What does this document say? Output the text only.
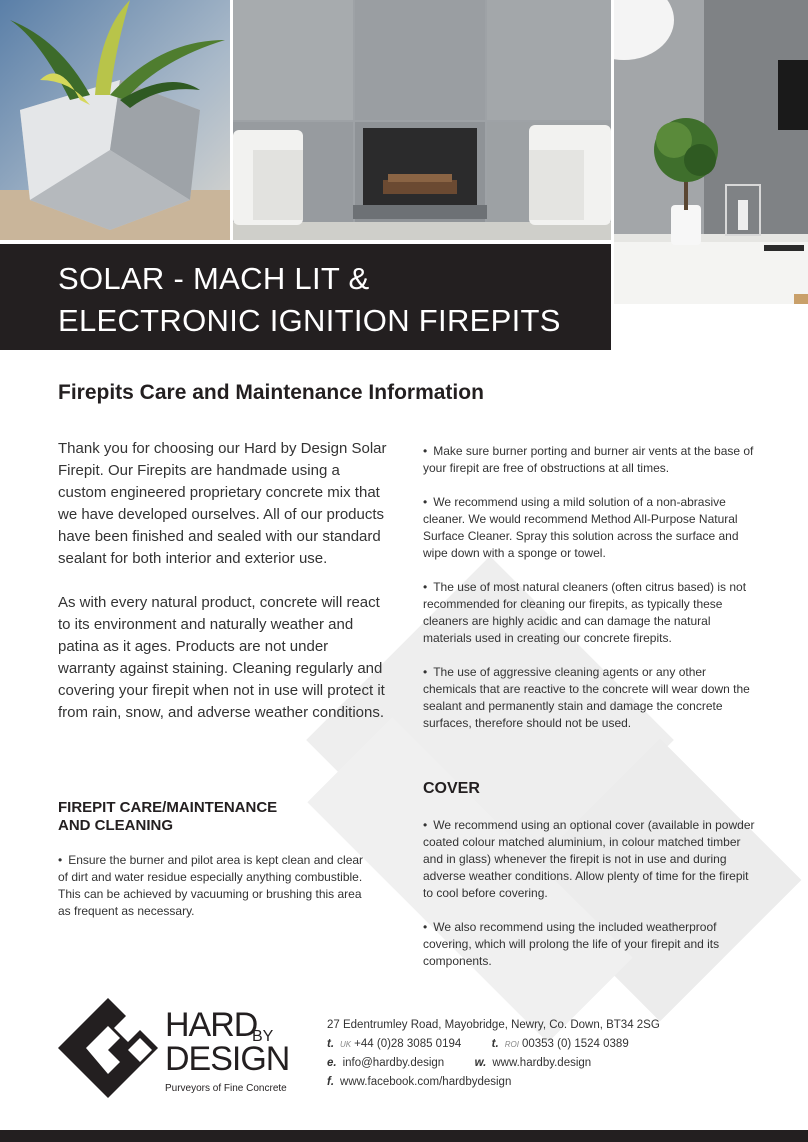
SOLAR - MACH LIT &
ELECTRONIC IGNITION FIREPITS
Firepits Care and Maintenance Information

Thank you for choosing our Hard by Design Solar Firepit. Our Firepits are handmade using a custom engineered proprietary concrete mix that we have developed ourselves. All of our products have been finished and sealed with our standard sealant for both interior and exterior use.

As with every natural product, concrete will react to its environment and naturally weather and patina as it ages. Products are not under warranty against staining. Cleaning regularly and covering your firepit when not in use will protect it from rain, snow, and adverse weather conditions.

FIREPIT CARE/MAINTENANCE
AND CLEANING
• Ensure the burner and pilot area is kept clean and clear of dirt and water residue especially anything combustible. This can be achieved by vacuuming or brushing this area as frequent as necessary.
• Make sure burner porting and burner air vents at the base of your firepit are free of obstructions at all times.
• We recommend using a mild solution of a non-abrasive cleaner. We would recommend Method All-Purpose Natural Surface Cleaner. Spray this solution across the surface and wipe down with a sponge or towel.
• The use of most natural cleaners (often citrus based) is not recommended for cleaning our firepits, as typically these cleaners are highly acidic and can damage the natural materials used in creating our concrete firepits.
• The use of aggressive cleaning agents or any other chemicals that are reactive to the concrete will wear down the sealant and permanently stain and damage the concrete surfaces, therefore should not be used.
COVER
• We recommend using an optional cover (available in powder coated colour matched aluminium, in colour matched timber and in glass) whenever the firepit is not in use and during adverse weather conditions. Allow plenty of time for the firepit to cool before covering.
• We also recommend using the included weatherproof covering, which will prolong the life of your firepit and its components.
HARD
BY
DESIGN
Purveyors of Fine Concrete
27 Edentrumley Road, Mayobridge, Newry, Co. Down, BT34 2SG
t. UK +44 (0)28 3085 0194	t. ROI 00353 (0) 1524 0389
e. info@hardby.design	w. www.hardby.design
f. www.facebook.com/hardbydesign
